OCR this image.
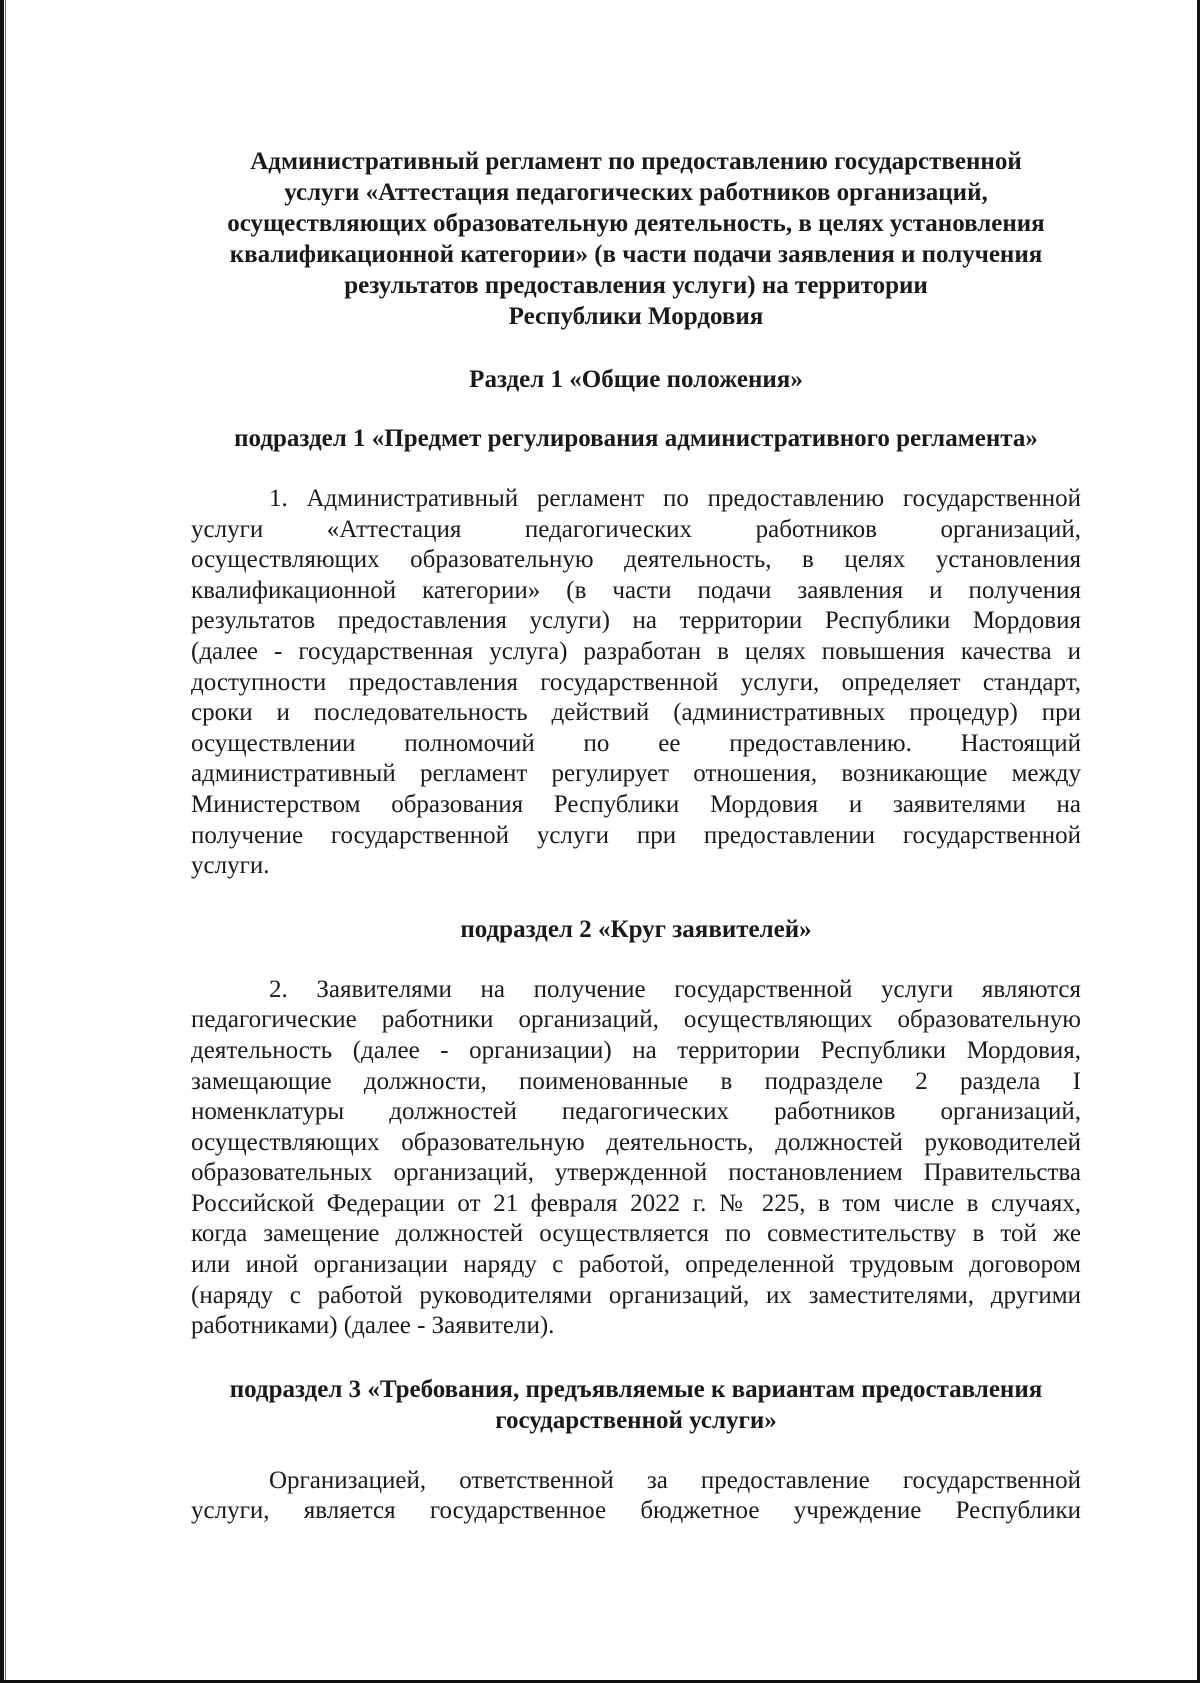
Административный регламент по предоставлению государственной
услуги «Аттестация педагогических работников организаций,
осуществляющих образовательную деятельность, в целях установления
квалификационной категории» (в части подачи заявления и получения
результатов предоставления услуги) на территории
Республики Мордовия
Раздел 1 «Общие положения»
подраздел 1 «Предмет регулирования административного регламента»
1. Административный регламент по предоставлению государственной
услуги «Аттестация педагогических работников организаций,
осуществляющих образовательную деятельность, в целях установления
квалификационной категории» (в части подачи заявления и получения
результатов предоставления услуги) на территории Республики Мордовия
(далее - государственная услуга) разработан в целях повышения качества и
доступности предоставления государственной услуги, определяет стандарт,
сроки и последовательность действий (административных процедур) при
осуществлении полномочий по ее предоставлению. Настоящий
административный регламент регулирует отношения, возникающие между
Министерством образования Республики Мордовия и заявителями на
получение государственной услуги при предоставлении государственной
услуги.
подраздел 2 «Круг заявителей»
2. Заявителями на получение государственной услуги являются
педагогические работники организаций, осуществляющих образовательную
деятельность (далее - организации) на территории Республики Мордовия,
замещающие должности, поименованные в подразделе 2 раздела I
номенклатуры должностей педагогических работников организаций,
осуществляющих образовательную деятельность, должностей руководителей
образовательных организаций, утвержденной постановлением Правительства
Российской Федерации от 21 февраля 2022 г. № 225, в том числе в случаях,
когда замещение должностей осуществляется по совместительству в той же
или иной организации наряду с работой, определенной трудовым договором
(наряду с работой руководителями организаций, их заместителями, другими
работниками) (далее - Заявители).
подраздел 3 «Требования, предъявляемые к вариантам предоставления
государственной услуги»
Организацией, ответственной за предоставление государственной
услуги, является государственное бюджетное учреждение Республики
